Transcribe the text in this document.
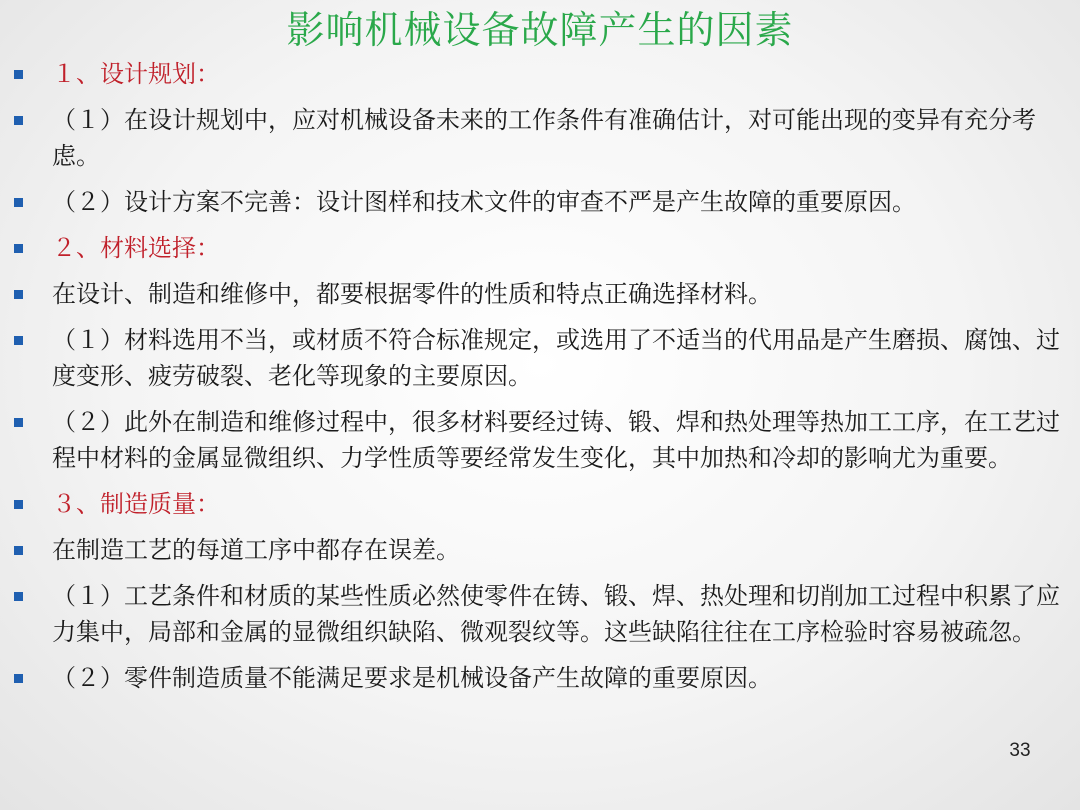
影响机械设备故障产生的因素
１、设计规划：
（１）在设计规划中，应对机械设备未来的工作条件有准确估计，对可能出现的变异有充分考虑。
（２）设计方案不完善：设计图样和技术文件的审查不严是产生故障的重要原因。
２、材料选择：
在设计、制造和维修中，都要根据零件的性质和特点正确选择材料。
（１）材料选用不当，或材质不符合标准规定，或选用了不适当的代用品是产生磨损、腐蚀、过度变形、疲劳破裂、老化等现象的主要原因。
（２）此外在制造和维修过程中，很多材料要经过铸、锻、焊和热处理等热加工工序，在工艺过程中材料的金属显微组织、力学性质等要经常发生变化，其中加热和冷却的影响尤为重要。
３、制造质量：
在制造工艺的每道工序中都存在误差。
（１）工艺条件和材质的某些性质必然使零件在铸、锻、焊、热处理和切削加工过程中积累了应力集中，局部和金属的显微组织缺陷、微观裂纹等。这些缺陷往往在工序检验时容易被疏忽。
（２）零件制造质量不能满足要求是机械设备产生故障的重要原因。
33
